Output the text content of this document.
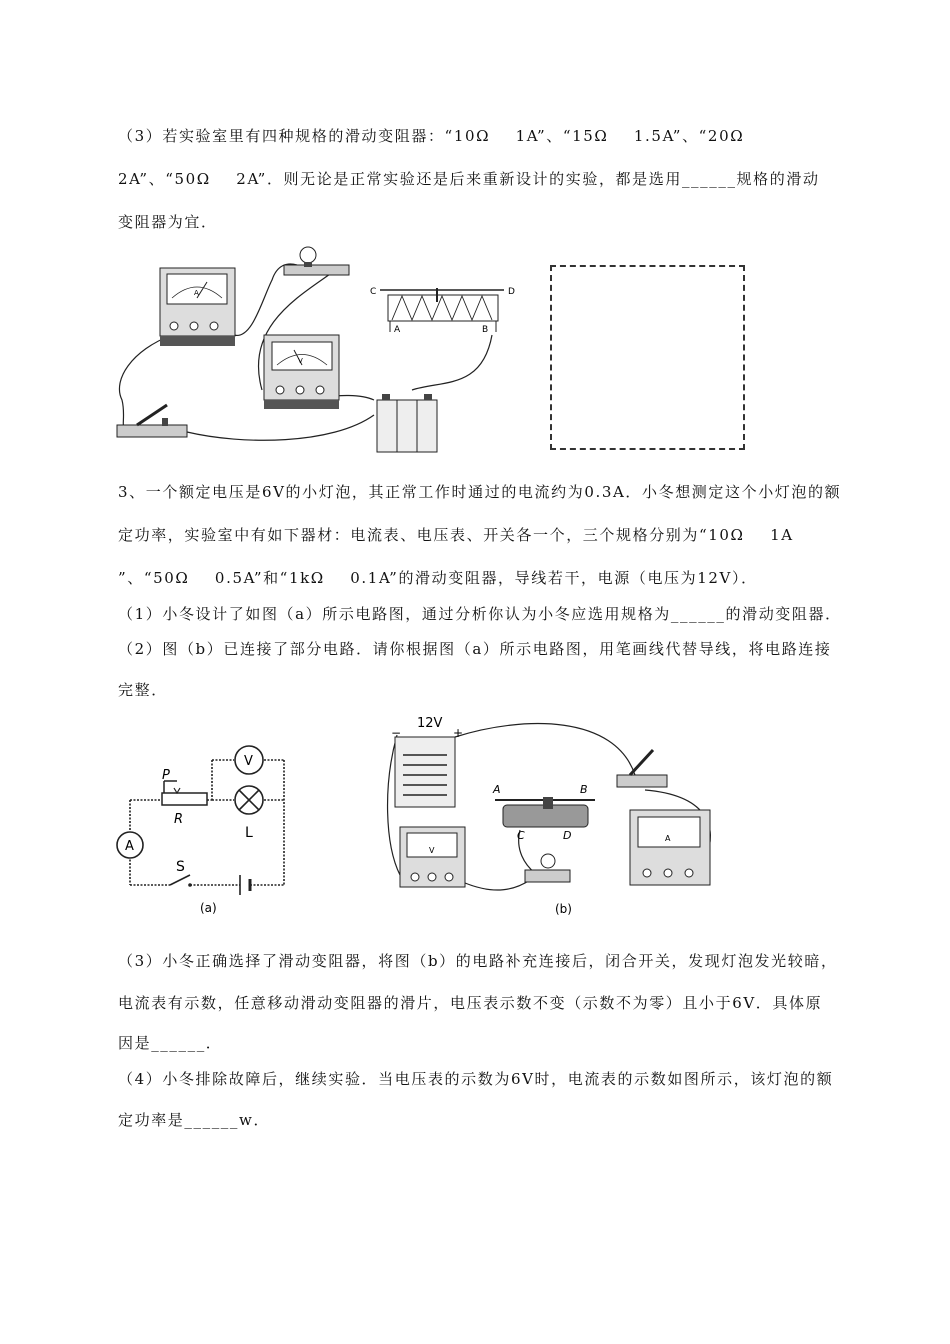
（3）若实验室里有四种规格的滑动变阻器：“10Ω    1A”、“15Ω    1.5A”、“20Ω
2A”、“50Ω    2A”．则无论是正常实验还是后来重新设计的实验，都是选用______规格的滑动
变阻器为宜．
A
V
C	D
A	B
3、一个额定电压是6V的小灯泡，其正常工作时通过的电流约为0.3A．小冬想测定这个小灯泡的额
定功率，实验室中有如下器材：电流表、电压表、开关各一个，三个规格分别为“10Ω    1A
”、“50Ω    0.5A”和“1kΩ    0.1A”的滑动变阻器，导线若干，电源（电压为12V）．
（1）小冬设计了如图（a）所示电路图，通过分析你认为小冬应选用规格为______的滑动变阻器．
（2）图（b）已连接了部分电路．请你根据图（a）所示电路图，用笔画线代替导线，将电路连接
完整．
P
R
V
L
A
S
(a)
12V
−	+
A	B
C	D
V
A
(b)
（3）小冬正确选择了滑动变阻器，将图（b）的电路补充连接后，闭合开关，发现灯泡发光较暗，
电流表有示数，任意移动滑动变阻器的滑片，电压表示数不变（示数不为零）且小于6V．具体原
因是______．
（4）小冬排除故障后，继续实验．当电压表的示数为6V时，电流表的示数如图所示，该灯泡的额
定功率是______w．
